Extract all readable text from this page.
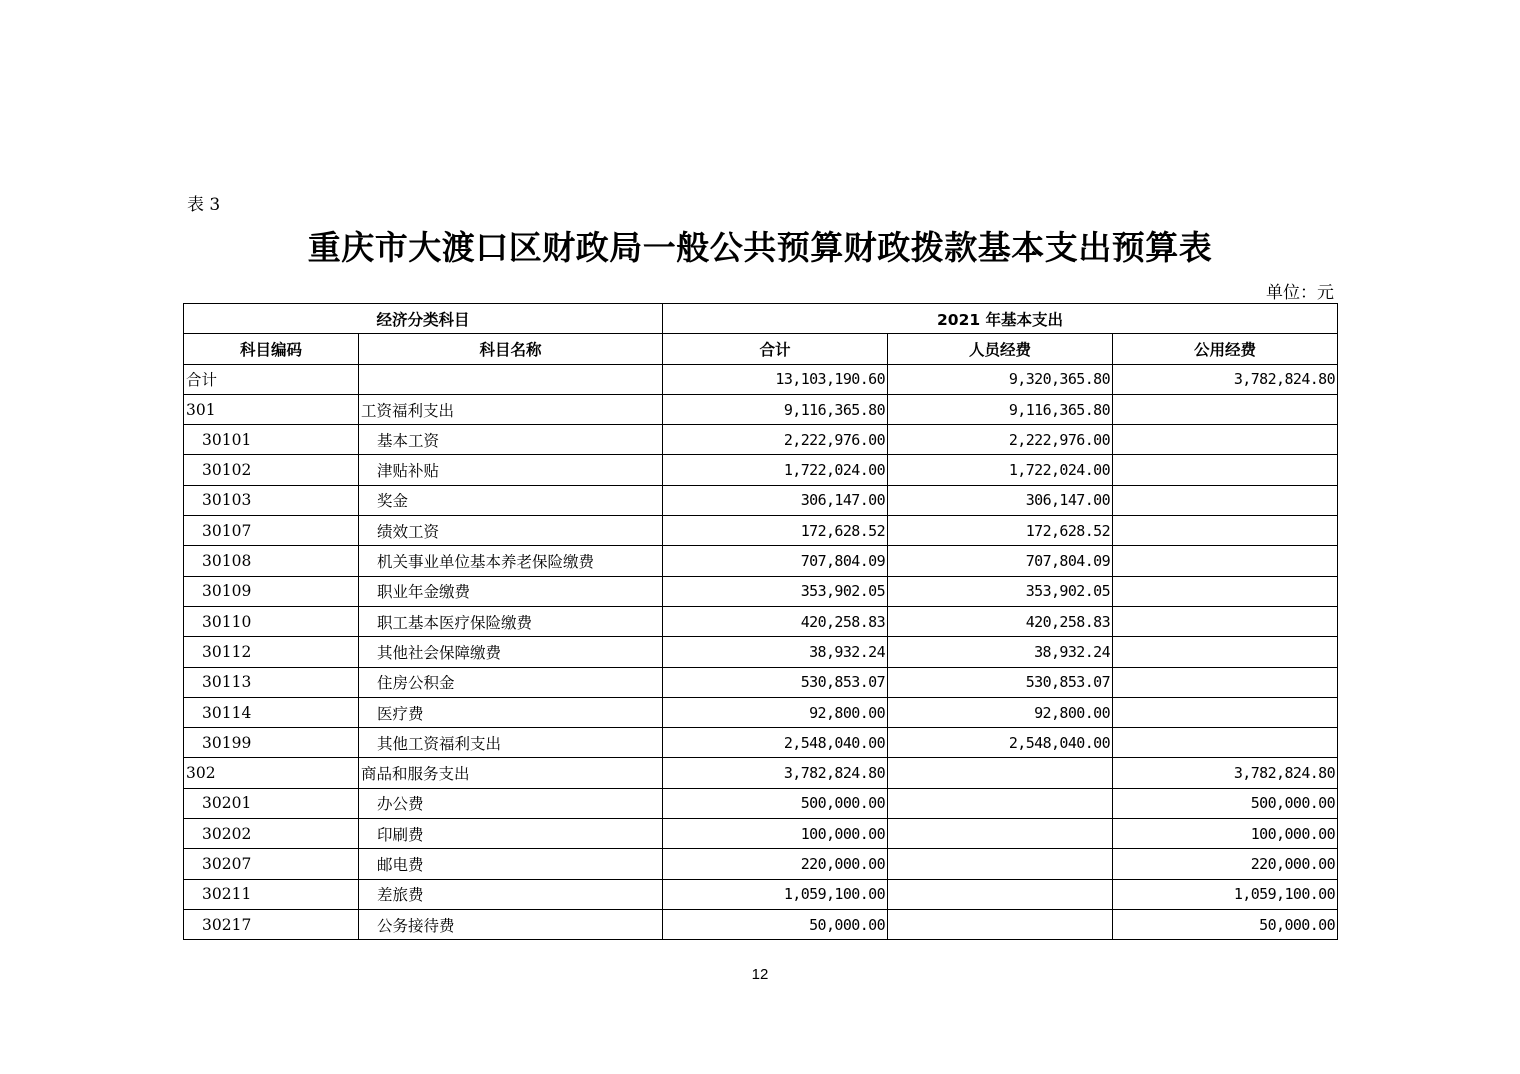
表 3
重庆市大渡口区财政局一般公共预算财政拨款基本支出预算表
单位：元
经济分类科目		2021 年基本支出		
科目编码	科目名称	合计	人员经费	公用经费
合计		13,103,190.60	9,320,365.80	3,782,824.80
301	工资福利支出	9,116,365.80	9,116,365.80	
30101	基本工资	2,222,976.00	2,222,976.00	
30102	津贴补贴	1,722,024.00	1,722,024.00	
30103	奖金	306,147.00	306,147.00	
30107	绩效工资	172,628.52	172,628.52	
30108	机关事业单位基本养老保险缴费	707,804.09	707,804.09	
30109	职业年金缴费	353,902.05	353,902.05	
30110	职工基本医疗保险缴费	420,258.83	420,258.83	
30112	其他社会保障缴费	38,932.24	38,932.24	
30113	住房公积金	530,853.07	530,853.07	
30114	医疗费	92,800.00	92,800.00	
30199	其他工资福利支出	2,548,040.00	2,548,040.00	
302	商品和服务支出	3,782,824.80		3,782,824.80
30201	办公费	500,000.00		500,000.00
30202	印刷费	100,000.00		100,000.00
30207	邮电费	220,000.00		220,000.00
30211	差旅费	1,059,100.00		1,059,100.00
30217	公务接待费	50,000.00		50,000.00
12
